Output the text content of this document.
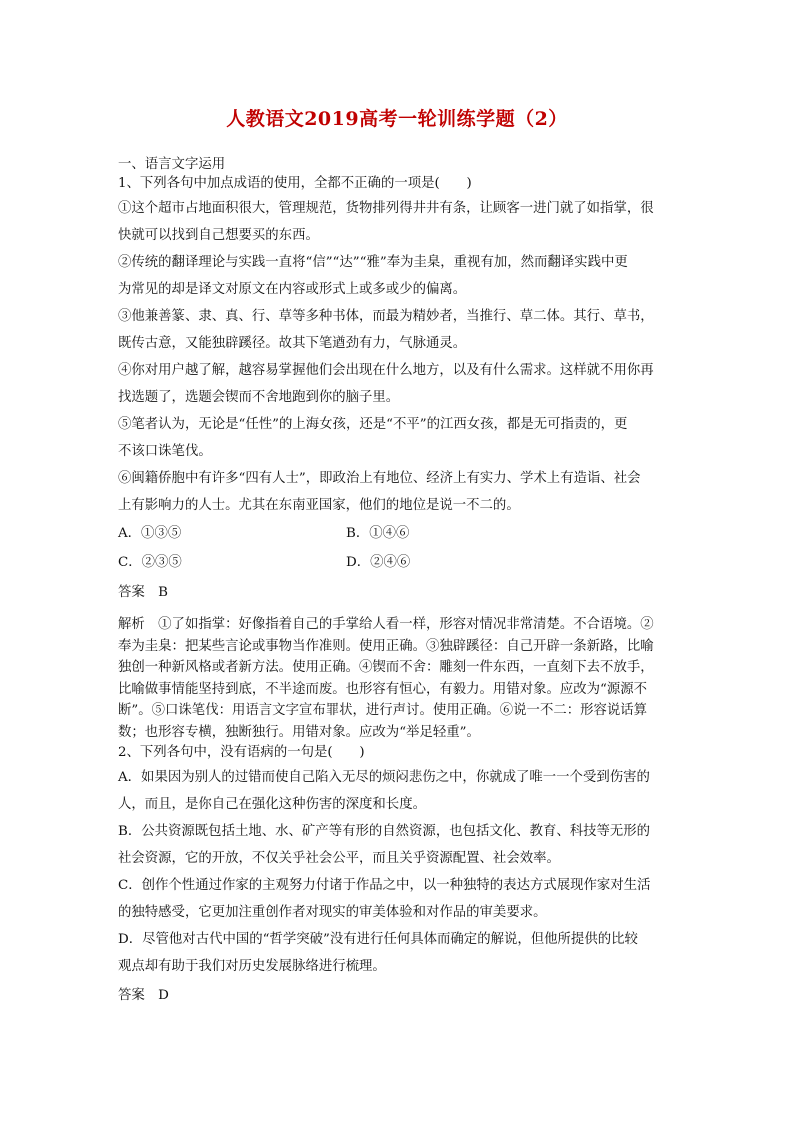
人教语文2019高考一轮训练学题（2）
一、语言文字运用
1、下列各句中加点成语的使用，全都不正确的一项是(　　)
①这个超市占地面积很大，管理规范，货物排列得井井有条，让顾客一进门就了如指掌，很
快就可以找到自己想要买的东西。
②传统的翻译理论与实践一直将“信”“达”“雅”奉为圭臬，重视有加，然而翻译实践中更
为常见的却是译文对原文在内容或形式上或多或少的偏离。
③他兼善篆、隶、真、行、草等多种书体，而最为精妙者，当推行、草二体。其行、草书，
既传古意，又能独辟蹊径。故其下笔遒劲有力，气脉通灵。
④你对用户越了解，越容易掌握他们会出现在什么地方，以及有什么需求。这样就不用你再
找选题了，选题会锲而不舍地跑到你的脑子里。
⑤笔者认为，无论是“任性”的上海女孩，还是“不平”的江西女孩，都是无可指责的，更
不该口诛笔伐。
⑥闽籍侨胞中有许多“四有人士”，即政治上有地位、经济上有实力、学术上有造诣、社会
上有影响力的人士。尤其在东南亚国家，他们的地位是说一不二的。
A．①③⑤	B．①④⑥
C．②③⑤	D．②④⑥
答案　B
解析　①了如指掌：好像指着自己的手掌给人看一样，形容对情况非常清楚。不合语境。②
奉为圭臬：把某些言论或事物当作准则。使用正确。③独辟蹊径：自己开辟一条新路，比喻
独创一种新风格或者新方法。使用正确。④锲而不舍：雕刻一件东西，一直刻下去不放手，
比喻做事情能坚持到底，不半途而废。也形容有恒心，有毅力。用错对象。应改为“源源不
断”。⑤口诛笔伐：用语言文字宣布罪状，进行声讨。使用正确。⑥说一不二：形容说话算
数；也形容专横，独断独行。用错对象。应改为“举足轻重”。
2、下列各句中，没有语病的一句是(　　)
A．如果因为别人的过错而使自己陷入无尽的烦闷悲伤之中，你就成了唯一一个受到伤害的
人，而且，是你自己在强化这种伤害的深度和长度。
B．公共资源既包括土地、水、矿产等有形的自然资源，也包括文化、教育、科技等无形的
社会资源，它的开放，不仅关乎社会公平，而且关乎资源配置、社会效率。
C．创作个性通过作家的主观努力付诸于作品之中，以一种独特的表达方式展现作家对生活
的独特感受，它更加注重创作者对现实的审美体验和对作品的审美要求。
D．尽管他对古代中国的“哲学突破”没有进行任何具体而确定的解说，但他所提供的比较
观点却有助于我们对历史发展脉络进行梳理。
答案　D
